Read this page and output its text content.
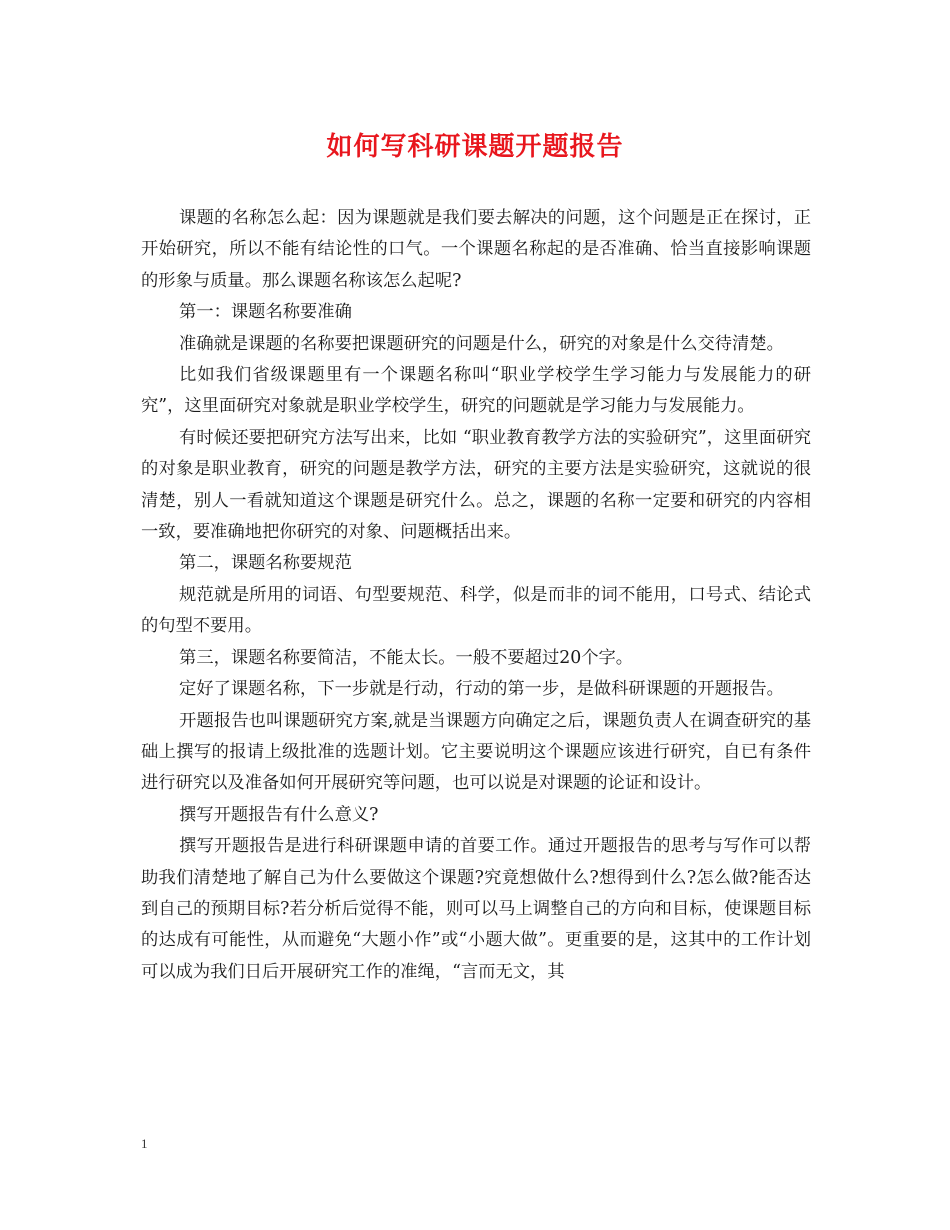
如何写科研课题开题报告

课题的名称怎么起：因为课题就是我们要去解决的问题，这个问题是正在探讨，正开始研究，所以不能有结论性的口气。一个课题名称起的是否准确、恰当直接影响课题的形象与质量。那么课题名称该怎么起呢?

第一：课题名称要准确

准确就是课题的名称要把课题研究的问题是什么，研究的对象是什么交待清楚。

比如我们省级课题里有一个课题名称叫“职业学校学生学习能力与发展能力的研究”，这里面研究对象就是职业学校学生，研究的问题就是学习能力与发展能力。

有时候还要把研究方法写出来，比如 “职业教育教学方法的实验研究”，这里面研究的对象是职业教育，研究的问题是教学方法，研究的主要方法是实验研究，这就说的很清楚，别人一看就知道这个课题是研究什么。总之，课题的名称一定要和研究的内容相一致，要准确地把你研究的对象、问题概括出来。

第二，课题名称要规范

规范就是所用的词语、句型要规范、科学，似是而非的词不能用，口号式、结论式的句型不要用。

第三，课题名称要简洁，不能太长。一般不要超过20个字。

定好了课题名称，下一步就是行动，行动的第一步，是做科研课题的开题报告。

开题报告也叫课题研究方案,就是当课题方向确定之后，课题负责人在调查研究的基础上撰写的报请上级批准的选题计划。它主要说明这个课题应该进行研究，自已有条件进行研究以及准备如何开展研究等问题，也可以说是对课题的论证和设计。

撰写开题报告有什么意义?

撰写开题报告是进行科研课题申请的首要工作。通过开题报告的思考与写作可以帮助我们清楚地了解自己为什么要做这个课题?究竟想做什么?想得到什么?怎么做?能否达到自己的预期目标?若分析后觉得不能，则可以马上调整自己的方向和目标，使课题目标的达成有可能性，从而避免“大题小作”或“小题大做”。更重要的是，这其中的工作计划可以成为我们日后开展研究工作的准绳，“言而无文，其

1
